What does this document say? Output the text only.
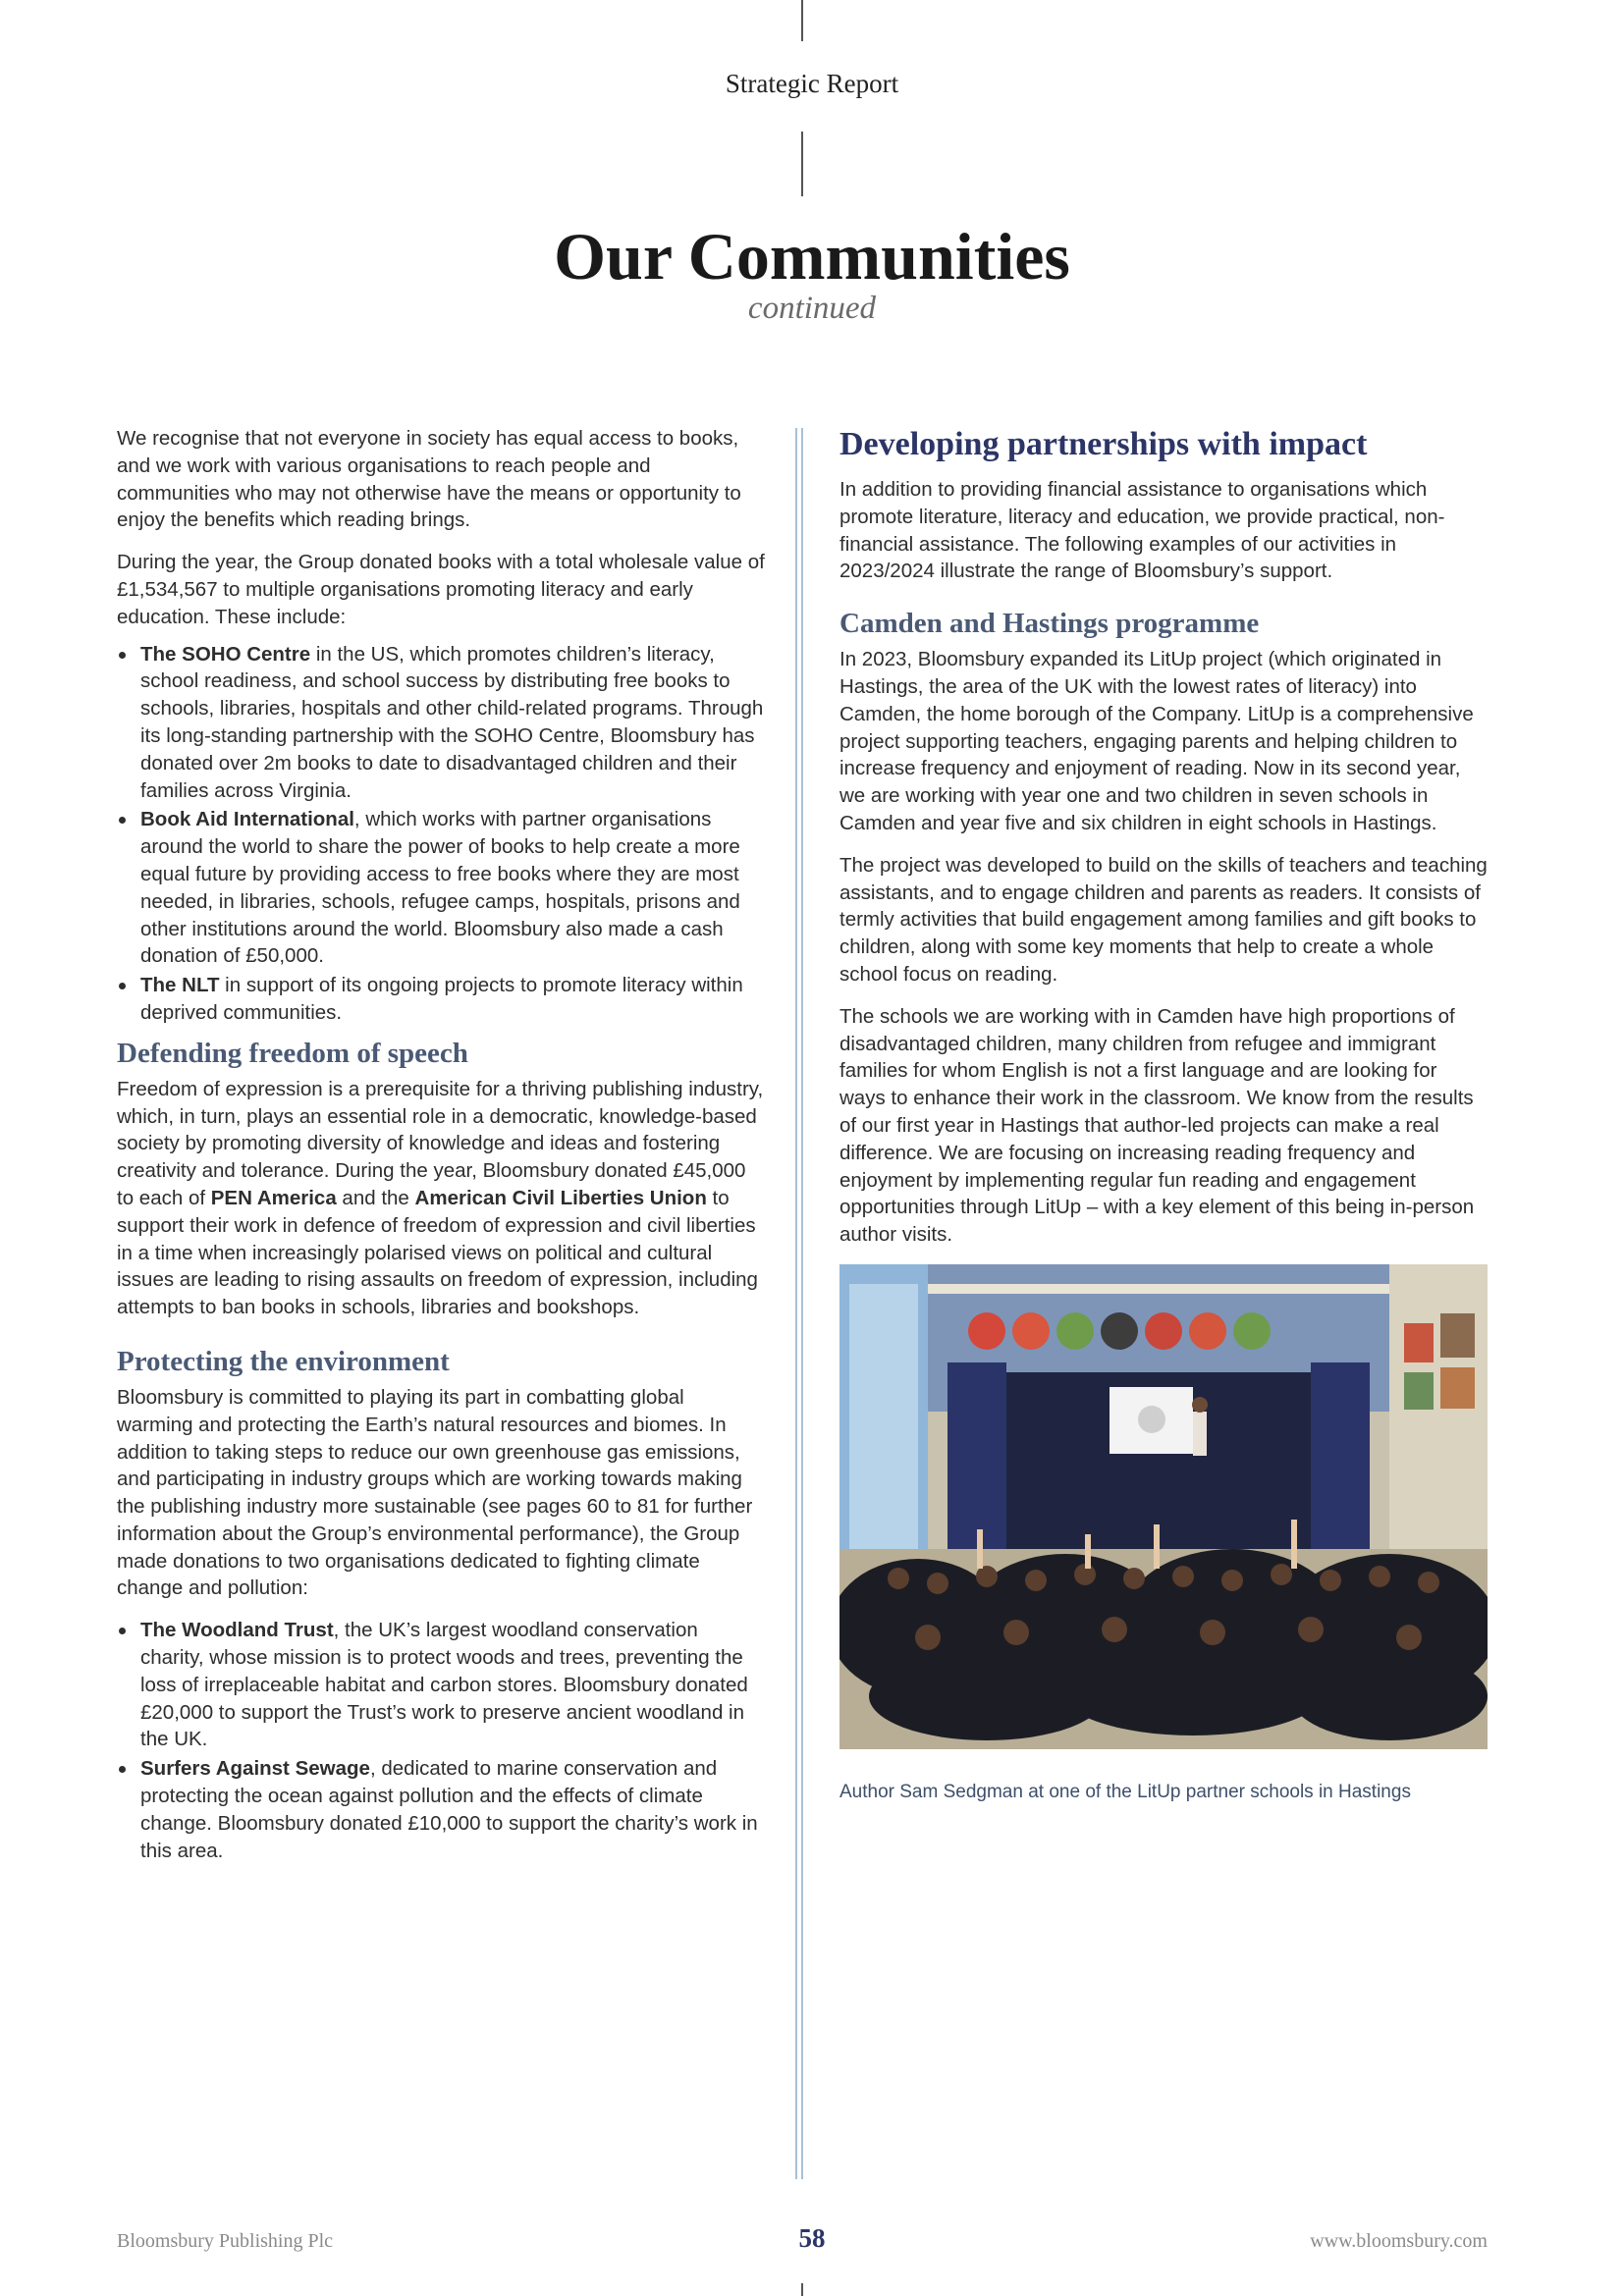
Strategic Report
Our Communities
continued

We recognise that not everyone in society has equal access to books, and we work with various organisations to reach people and communities who may not otherwise have the means or opportunity to enjoy the benefits which reading brings.

During the year, the Group donated books with a total wholesale value of £1,534,567 to multiple organisations promoting literacy and early education. These include:

The SOHO Centre in the US, which promotes children’s literacy, school readiness, and school success by distributing free books to schools, libraries, hospitals and other child-related programs. Through its long-standing partnership with the SOHO Centre, Bloomsbury has donated over 2m books to date to disadvantaged children and their families across Virginia.
Book Aid International, which works with partner organisations around the world to share the power of books to help create a more equal future by providing access to free books where they are most needed, in libraries, schools, refugee camps, hospitals, prisons and other institutions around the world. Bloomsbury also made a cash donation of £50,000.
The NLT in support of its ongoing projects to promote literacy within deprived communities.
Defending freedom of speech

Freedom of expression is a prerequisite for a thriving publishing industry, which, in turn, plays an essential role in a democratic, knowledge-based society by promoting diversity of knowledge and ideas and fostering creativity and tolerance. During the year, Bloomsbury donated £45,000 to each of PEN America and the American Civil Liberties Union to support their work in defence of freedom of expression and civil liberties in a time when increasingly polarised views on political and cultural issues are leading to rising assaults on freedom of expression, including attempts to ban books in schools, libraries and bookshops.

Protecting the environment

Bloomsbury is committed to playing its part in combatting global warming and protecting the Earth’s natural resources and biomes. In addition to taking steps to reduce our own greenhouse gas emissions, and participating in industry groups which are working towards making the publishing industry more sustainable (see pages 60 to 81 for further information about the Group’s environmental performance), the Group made donations to two organisations dedicated to fighting climate change and pollution:

The Woodland Trust, the UK’s largest woodland conservation charity, whose mission is to protect woods and trees, preventing the loss of irreplaceable habitat and carbon stores. Bloomsbury donated £20,000 to support the Trust’s work to preserve ancient woodland in the UK.
Surfers Against Sewage, dedicated to marine conservation and protecting the ocean against pollution and the effects of climate change. Bloomsbury donated £10,000 to support the charity’s work in this area.
Developing partnerships with impact

In addition to providing financial assistance to organisations which promote literature, literacy and education, we provide practical, non-financial assistance. The following examples of our activities in 2023/2024 illustrate the range of Bloomsbury’s support.

Camden and Hastings programme

In 2023, Bloomsbury expanded its LitUp project (which originated in Hastings, the area of the UK with the lowest rates of literacy) into Camden, the home borough of the Company. LitUp is a comprehensive project supporting teachers, engaging parents and helping children to increase frequency and enjoyment of reading. Now in its second year, we are working with year one and two children in seven schools in Camden and year five and six children in eight schools in Hastings.

The project was developed to build on the skills of teachers and teaching assistants, and to engage children and parents as readers. It consists of termly activities that build engagement among families and gift books to children, along with some key moments that help to create a whole school focus on reading.

The schools we are working with in Camden have high proportions of disadvantaged children, many children from refugee and immigrant families for whom English is not a first language and are looking for ways to enhance their work in the classroom. We know from the results of our first year in Hastings that author-led projects can make a real difference. We are focusing on increasing reading frequency and enjoyment by implementing regular fun reading and engagement opportunities through LitUp – with a key element of this being in-person author visits.

Author Sam Sedgman at one of the LitUp partner schools in Hastings
Bloomsbury Publishing Plc	58	www.bloomsbury.com
